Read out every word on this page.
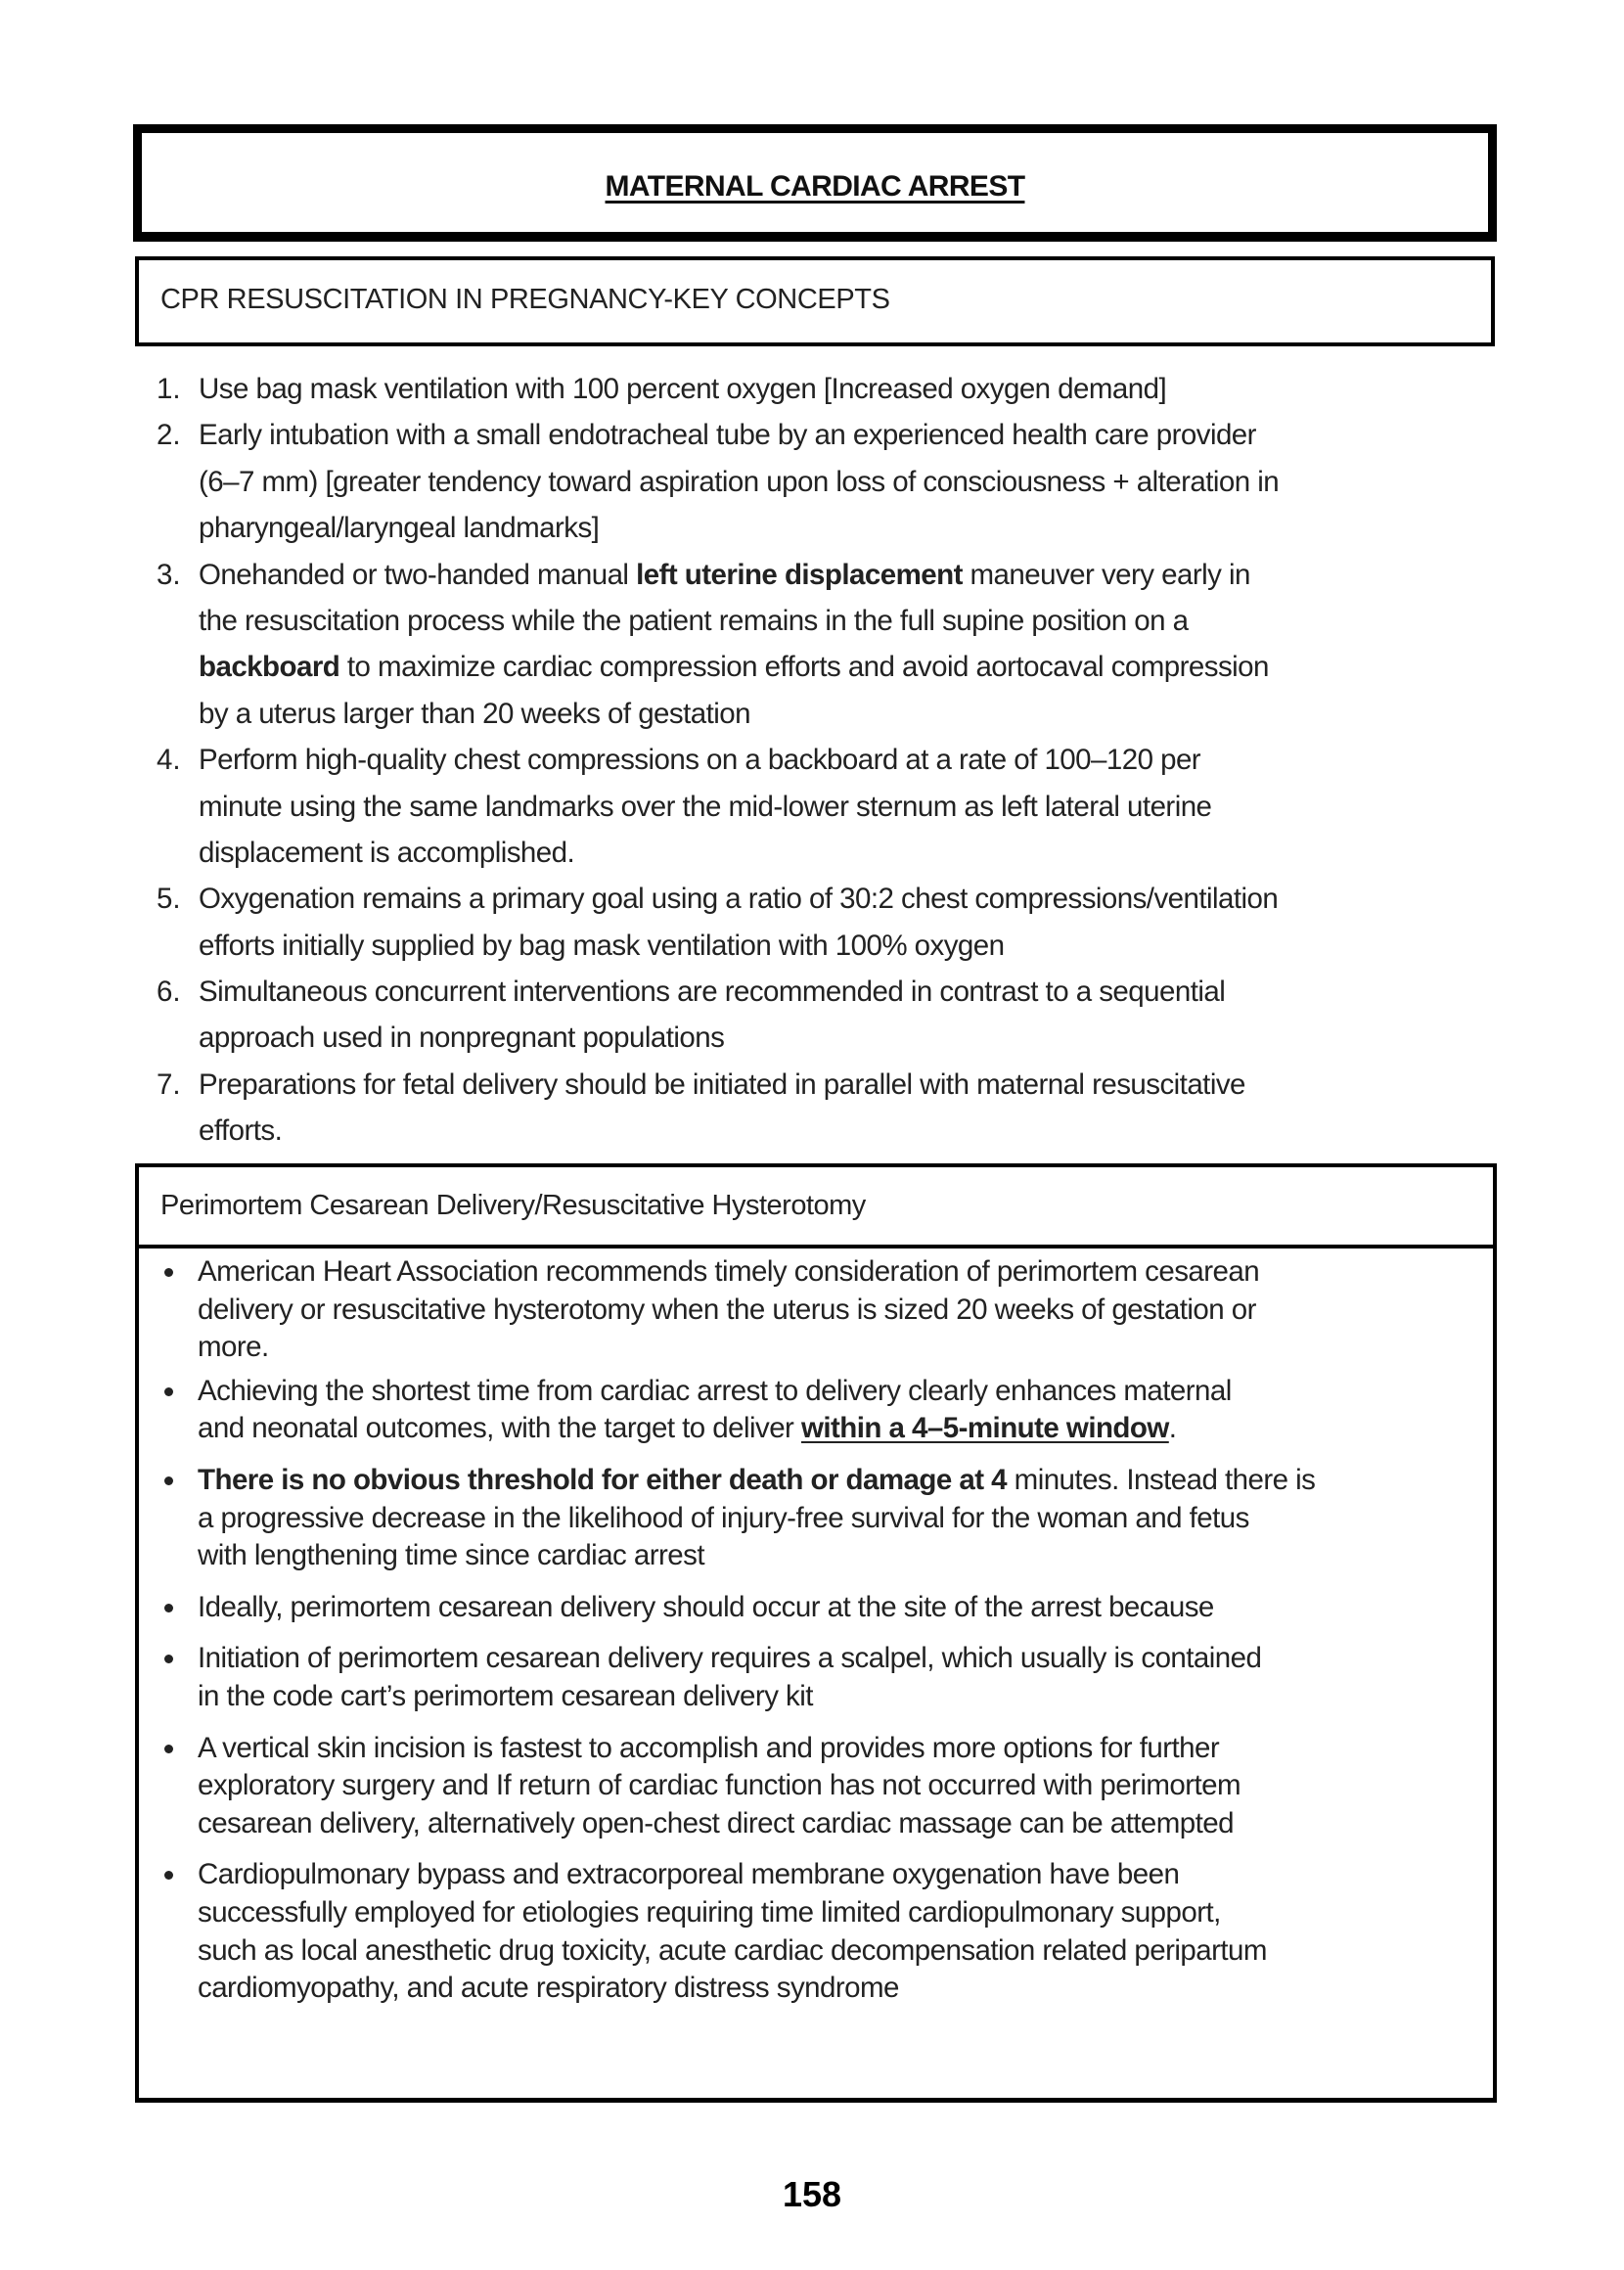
MATERNAL CARDIAC ARREST
CPR RESUSCITATION IN PREGNANCY-KEY CONCEPTS
1. Use bag mask ventilation with 100 percent oxygen [Increased oxygen demand]
2. Early intubation with a small endotracheal tube by an experienced health care provider
(6–7 mm) [greater tendency toward aspiration upon loss of consciousness + alteration in
pharyngeal/laryngeal landmarks]
3. Onehanded or two-handed manual left uterine displacement maneuver very early in
the resuscitation process while the patient remains in the full supine position on a
backboard to maximize cardiac compression efforts and avoid aortocaval compression
by a uterus larger than 20 weeks of gestation
4. Perform high-quality chest compressions on a backboard at a rate of 100–120 per
minute using the same landmarks over the mid-lower sternum as left lateral uterine
displacement is accomplished.
5. Oxygenation remains a primary goal using a ratio of 30:2 chest compressions/ventilation
efforts initially supplied by bag mask ventilation with 100% oxygen
6. Simultaneous concurrent interventions are recommended in contrast to a sequential
approach used in nonpregnant populations
7. Preparations for fetal delivery should be initiated in parallel with maternal resuscitative
efforts.
Perimortem Cesarean Delivery/Resuscitative Hysterotomy
American Heart Association recommends timely consideration of perimortem cesarean
delivery or resuscitative hysterotomy when the uterus is sized 20 weeks of gestation or
more.
Achieving the shortest time from cardiac arrest to delivery clearly enhances maternal
and neonatal outcomes, with the target to deliver within a 4–5-minute window.
There is no obvious threshold for either death or damage at 4 minutes. Instead there is
a progressive decrease in the likelihood of injury-free survival for the woman and fetus
with lengthening time since cardiac arrest
Ideally, perimortem cesarean delivery should occur at the site of the arrest because
Initiation of perimortem cesarean delivery requires a scalpel, which usually is contained
in the code cart’s perimortem cesarean delivery kit
A vertical skin incision is fastest to accomplish and provides more options for further
exploratory surgery and If return of cardiac function has not occurred with perimortem
cesarean delivery, alternatively open-chest direct cardiac massage can be attempted
Cardiopulmonary bypass and extracorporeal membrane oxygenation have been
successfully employed for etiologies requiring time limited cardiopulmonary support,
such as local anesthetic drug toxicity, acute cardiac decompensation related peripartum
cardiomyopathy, and acute respiratory distress syndrome
158
